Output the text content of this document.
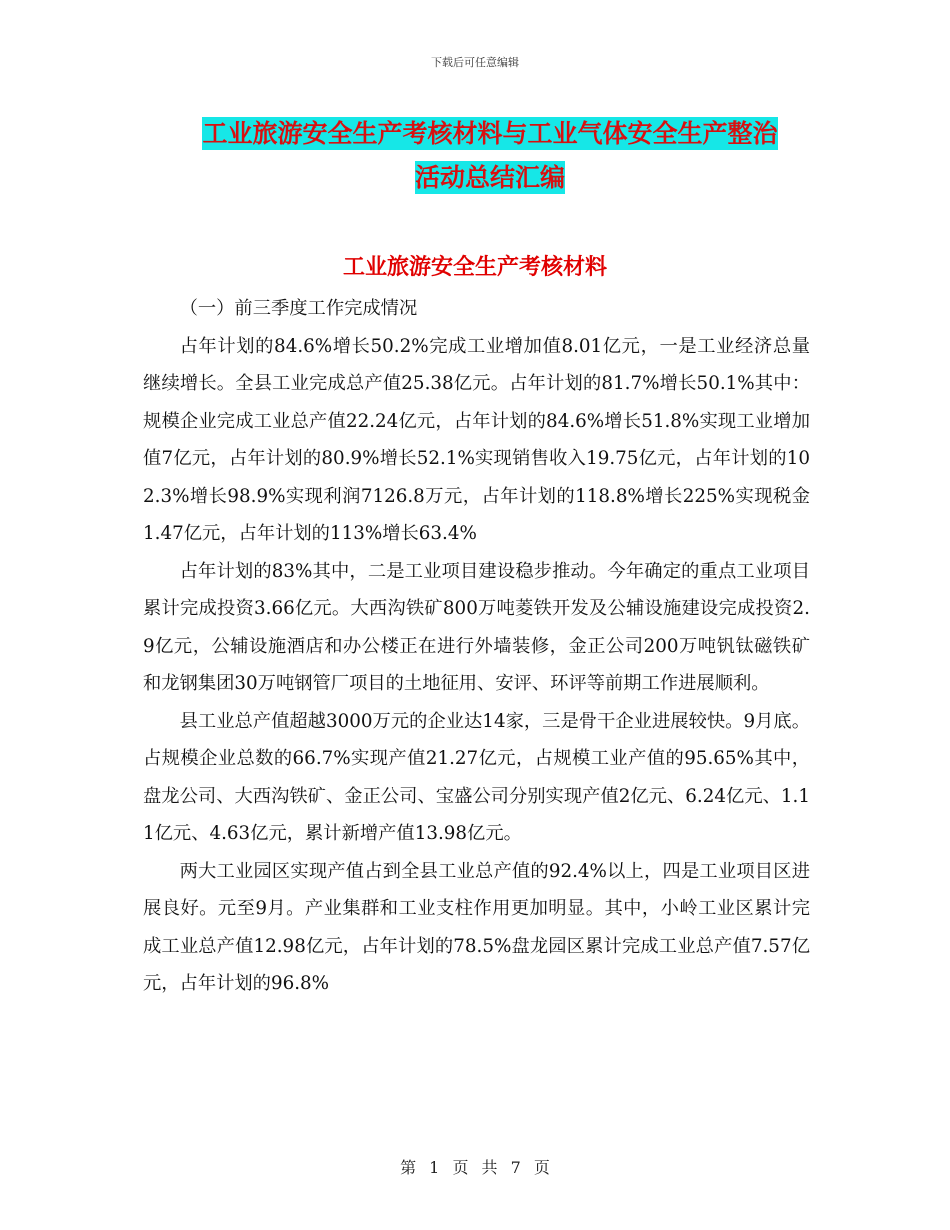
下载后可任意编辑
工业旅游安全生产考核材料与工业气体安全生产整治
活动总结汇编
工业旅游安全生产考核材料

（一）前三季度工作完成情况

占年计划的84.6%增长50.2%完成工业增加值8.01亿元，一是工业经济总量继续增长。全县工业完成总产值25.38亿元。占年计划的81.7%增长50.1%其中：规模企业完成工业总产值22.24亿元，占年计划的84.6%增长51.8%实现工业增加值7亿元，占年计划的80.9%增长52.1%实现销售收入19.75亿元，占年计划的102.3%增长98.9%实现利润7126.8万元，占年计划的118.8%增长225%实现税金1.47亿元，占年计划的113%增长63.4%

占年计划的83%其中，二是工业项目建设稳步推动。今年确定的重点工业项目累计完成投资3.66亿元。大西沟铁矿800万吨菱铁开发及公辅设施建设完成投资2.9亿元，公辅设施酒店和办公楼正在进行外墙装修，金正公司200万吨钒钛磁铁矿和龙钢集团30万吨钢管厂项目的土地征用、安评、环评等前期工作进展顺利。

县工业总产值超越3000万元的企业达14家，三是骨干企业进展较快。9月底。占规模企业总数的66.7%实现产值21.27亿元，占规模工业产值的95.65%其中，盘龙公司、大西沟铁矿、金正公司、宝盛公司分别实现产值2亿元、6.24亿元、1.11亿元、4.63亿元，累计新增产值13.98亿元。

两大工业园区实现产值占到全县工业总产值的92.4%以上，四是工业项目区进展良好。元至9月。产业集群和工业支柱作用更加明显。其中，小岭工业区累计完成工业总产值12.98亿元，占年计划的78.5%盘龙园区累计完成工业总产值7.57亿元，占年计划的96.8%

第 1 页 共 7 页
